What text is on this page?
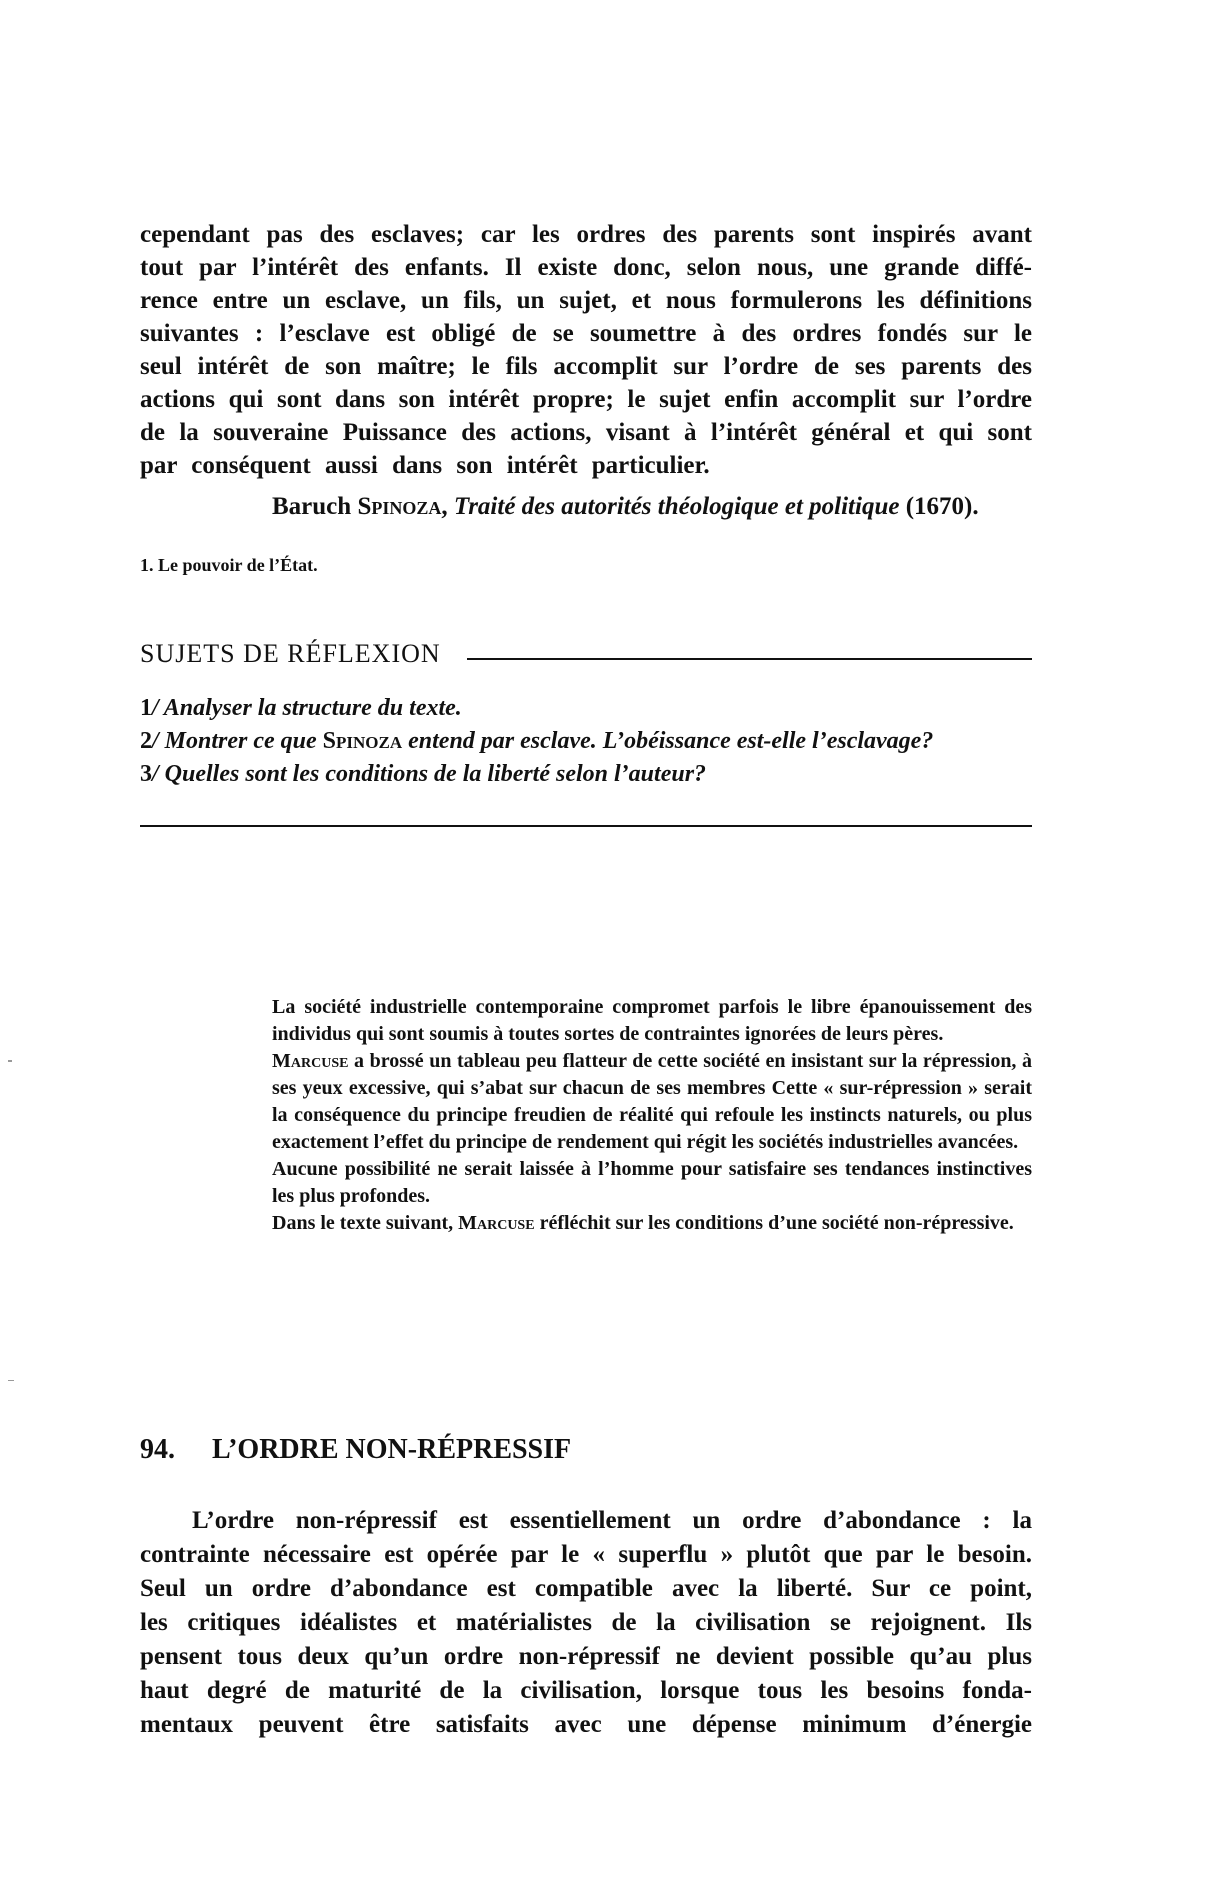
cependant pas des esclaves; car les ordres des parents sont inspirés avant
tout par l’intérêt des enfants. Il existe donc, selon nous, une grande diffé-
rence entre un esclave, un fils, un sujet, et nous formulerons les définitions
suivantes : l’esclave est obligé de se soumettre à des ordres fondés sur le
seul intérêt de son maître; le fils accomplit sur l’ordre de ses parents des
actions qui sont dans son intérêt propre; le sujet enfin accomplit sur l’ordre
de la souveraine Puissance des actions, visant à l’intérêt général et qui sont
par conséquent aussi dans son intérêt particulier.
Baruch Spinoza, Traité des autorités théologique et politique (1670).
1. Le pouvoir de l’État.
SUJETS DE RÉFLEXION
1/ Analyser la structure du texte.
2/ Montrer ce que Spinoza entend par esclave. L’obéissance est-elle l’esclavage?
3/ Quelles sont les conditions de la liberté selon l’auteur?

La société industrielle contemporaine compromet parfois le libre épanouissement des individus qui sont soumis à toutes sortes de contraintes ignorées de leurs pères.

Marcuse a brossé un tableau peu flatteur de cette société en insistant sur la répression, à ses yeux excessive, qui s’abat sur chacun de ses membres Cette « sur-répression » serait la conséquence du principe freudien de réalité qui refoule les instincts naturels, ou plus exactement l’effet du principe de rendement qui régit les sociétés industrielles avancées.

Aucune possibilité ne serait laissée à l’homme pour satisfaire ses tendances instinctives les plus profondes.

Dans le texte suivant, Marcuse réfléchit sur les conditions d’une société non-répressive.

94. L’ORDRE NON-RÉPRESSIF
L’ordre non-répressif est essentiellement un ordre d’abondance : la
contrainte nécessaire est opérée par le « superflu » plutôt que par le besoin.
Seul un ordre d’abondance est compatible avec la liberté. Sur ce point,
les critiques idéalistes et matérialistes de la civilisation se rejoignent. Ils
pensent tous deux qu’un ordre non-répressif ne devient possible qu’au plus
haut degré de maturité de la civilisation, lorsque tous les besoins fonda-
mentaux peuvent être satisfaits avec une dépense minimum d’énergie
